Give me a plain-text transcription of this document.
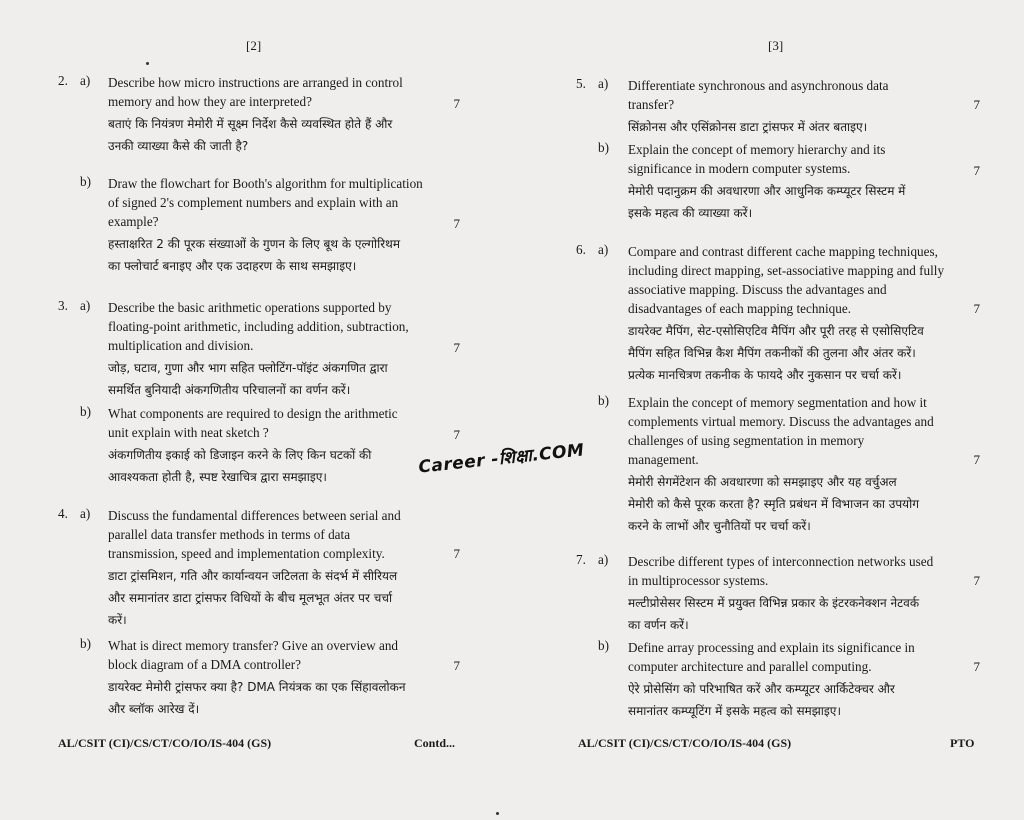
[2]
2. a) Describe how micro instructions are arranged in control
memory and how they are interpreted?	7
बताएं कि नियंत्रण मेमोरी में सूक्ष्म निर्देश कैसे व्यवस्थित होते हैं और
उनकी व्याख्या कैसे की जाती है?
b) Draw the flowchart for Booth's algorithm for multiplication
of signed 2's complement numbers and explain with an
example?	7
हस्ताक्षरित 2 की पूरक संख्याओं के गुणन के लिए बूथ के एल्गोरिथम
का फ्लोचार्ट बनाइए और एक उदाहरण के साथ समझाइए।
3. a) Describe the basic arithmetic operations supported by
floating-point arithmetic, including addition, subtraction,
multiplication and division.	7
जोड़, घटाव, गुणा और भाग सहित फ्लोटिंग-पॉइंट अंकगणित द्वारा
समर्थित बुनियादी अंकगणितीय परिचालनों का वर्णन करें।
b) What components are required to design the arithmetic
unit explain with neat sketch ?	7
अंकगणितीय इकाई को डिजाइन करने के लिए किन घटकों की
आवश्यकता होती है, स्पष्ट रेखाचित्र द्वारा समझाइए।
4. a) Discuss the fundamental differences between serial and
parallel data transfer methods in terms of data
transmission, speed and implementation complexity.	7
डाटा ट्रांसमिशन, गति और कार्यान्वयन जटिलता के संदर्भ में सीरियल
और समानांतर डाटा ट्रांसफर विधियों के बीच मूलभूत अंतर पर चर्चा
करें।
b) What is direct memory transfer? Give an overview and
block diagram of a DMA controller?	7
डायरेक्ट मेमोरी ट्रांसफर क्या है? DMA नियंत्रक का एक सिंहावलोकन
और ब्लॉक आरेख दें।
AL/CSIT (CI)/CS/CT/CO/IO/IS-404 (GS)	Contd...
[3]
5. a) Differentiate synchronous and asynchronous data
transfer?	7
सिंक्रोनस और एसिंक्रोनस डाटा ट्रांसफर में अंतर बताइए।
b) Explain the concept of memory hierarchy and its
significance in modern computer systems.	7
मेमोरी पदानुक्रम की अवधारणा और आधुनिक कम्प्यूटर सिस्टम में
इसके महत्व की व्याख्या करें।
6. a) Compare and contrast different cache mapping techniques,
including direct mapping, set-associative mapping and fully
associative mapping. Discuss the advantages and
disadvantages of each mapping technique.	7
डायरेक्ट मैपिंग, सेट-एसोसिएटिव मैपिंग और पूरी तरह से एसोसिएटिव
मैपिंग सहित विभिन्न कैश मैपिंग तकनीकों की तुलना और अंतर करें।
प्रत्येक मानचित्रण तकनीक के फायदे और नुकसान पर चर्चा करें।
b) Explain the concept of memory segmentation and how it
complements virtual memory. Discuss the advantages and
challenges of using segmentation in memory
management.	7
मेमोरी सेगमेंटेशन की अवधारणा को समझाइए और यह वर्चुअल
मेमोरी को कैसे पूरक करता है? स्मृति प्रबंधन में विभाजन का उपयोग
करने के लाभों और चुनौतियों पर चर्चा करें।
7. a) Describe different types of interconnection networks used
in multiprocessor systems.	7
मल्टीप्रोसेसर सिस्टम में प्रयुक्त विभिन्न प्रकार के इंटरकनेक्शन नेटवर्क
का वर्णन करें।
b) Define array processing and explain its significance in
computer architecture and parallel computing.	7
ऐरे प्रोसेसिंग को परिभाषित करें और कम्प्यूटर आर्किटेक्चर और
समानांतर कम्प्यूटिंग में इसके महत्व को समझाइए।
AL/CSIT (CI)/CS/CT/CO/IO/IS-404 (GS)	PTO
Career -शिक्षा.COM
